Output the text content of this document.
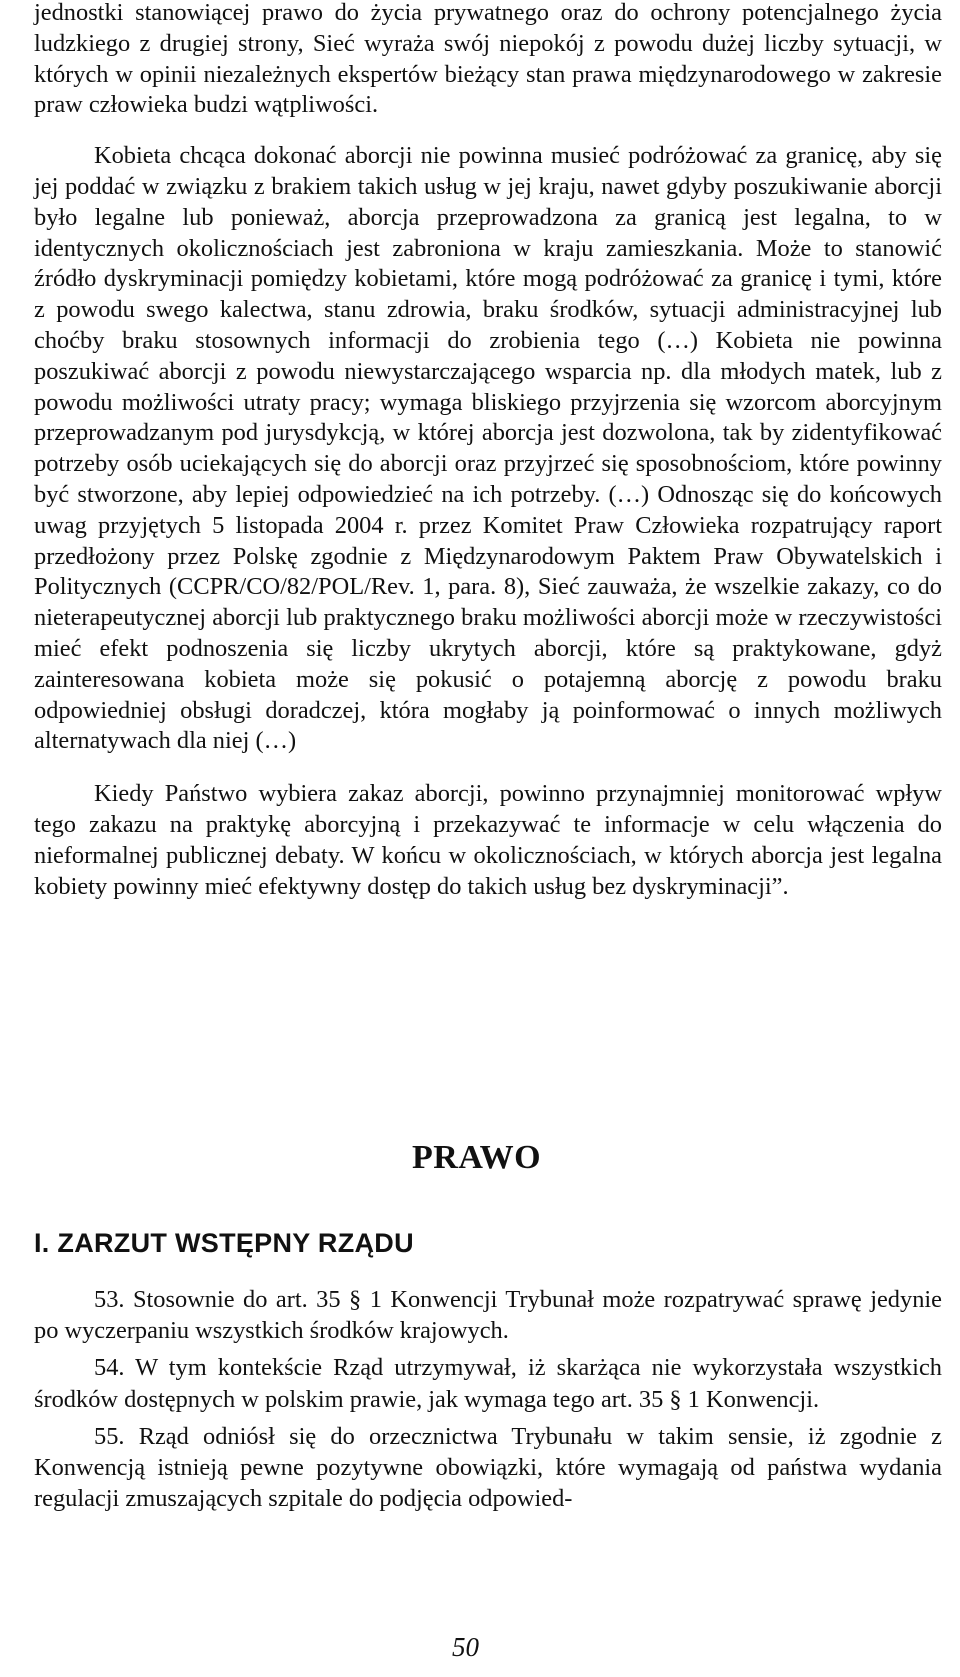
jednostki stanowiącej prawo do życia prywatnego oraz do ochrony potencjalnego życia ludzkiego z drugiej strony, Sieć wyraża swój niepokój z powodu dużej liczby sytuacji, w których w opinii niezależnych ekspertów bieżący stan prawa międzynarodowego w zakresie praw człowieka budzi wątpliwości.

Kobieta chcąca dokonać aborcji nie powinna musieć podróżować za granicę, aby się jej poddać w związku z brakiem takich usług w jej kraju, nawet gdyby poszukiwanie aborcji było legalne lub ponieważ, aborcja przeprowadzona za granicą jest legalna, to w identycznych okolicznościach jest zabroniona w kraju zamieszkania. Może to stanowić źródło dyskryminacji pomiędzy kobietami, które mogą podróżować za granicę i tymi, które z powodu swego kalectwa, stanu zdrowia, braku środków, sytuacji administracyjnej lub choćby braku stosownych informacji do zrobienia tego (…) Kobieta nie powinna poszukiwać aborcji z powodu niewystarczającego wsparcia np. dla młodych matek, lub z powodu możliwości utraty pracy; wymaga bliskiego przyjrzenia się wzorcom aborcyjnym przeprowadzanym pod jurysdykcją, w której aborcja jest dozwolona, tak by zidentyfikować potrzeby osób uciekających się do aborcji oraz przyjrzeć się sposobnościom, które powinny być stworzone, aby lepiej odpowiedzieć na ich potrzeby. (…) Odnosząc się do końcowych uwag przyjętych 5 listopada 2004 r. przez Komitet Praw Człowieka rozpatrujący raport przedłożony przez Polskę zgodnie z Międzynarodowym Paktem Praw Obywatelskich i Politycznych (CCPR/CO/82/POL/Rev. 1, para. 8), Sieć zauważa, że wszelkie zakazy, co do nieterapeutycznej aborcji lub praktycznego braku możliwości aborcji może w rzeczywistości mieć efekt podnoszenia się liczby ukrytych aborcji, które są praktykowane, gdyż zainteresowana kobieta może się pokusić o potajemną aborcję z powodu braku odpowiedniej obsługi doradczej, która mogłaby ją poinformować o innych możliwych alternatywach dla niej (…)

Kiedy Państwo wybiera zakaz aborcji, powinno przynajmniej monitorować wpływ tego zakazu na praktykę aborcyjną i przekazywać te informacje w celu włączenia do nieformalnej publicznej debaty. W końcu w okolicznościach, w których aborcja jest legalna kobiety powinny mieć efektywny dostęp do takich usług bez dyskryminacji”.

PRAWO
I. ZARZUT WSTĘPNY RZĄDU

53. Stosownie do art. 35 § 1 Konwencji Trybunał może rozpatrywać sprawę jedynie po wyczerpaniu wszystkich środków krajowych.

54. W tym kontekście Rząd utrzymywał, iż skarżąca nie wykorzystała wszystkich środków dostępnych w polskim prawie, jak wymaga tego art. 35 § 1 Konwencji.

55. Rząd odniósł się do orzecznictwa Trybunału w takim sensie, iż zgodnie z Konwencją istnieją pewne pozytywne obowiązki, które wymagają od państwa wydania regulacji zmuszających szpitale do podjęcia odpowied-

50
